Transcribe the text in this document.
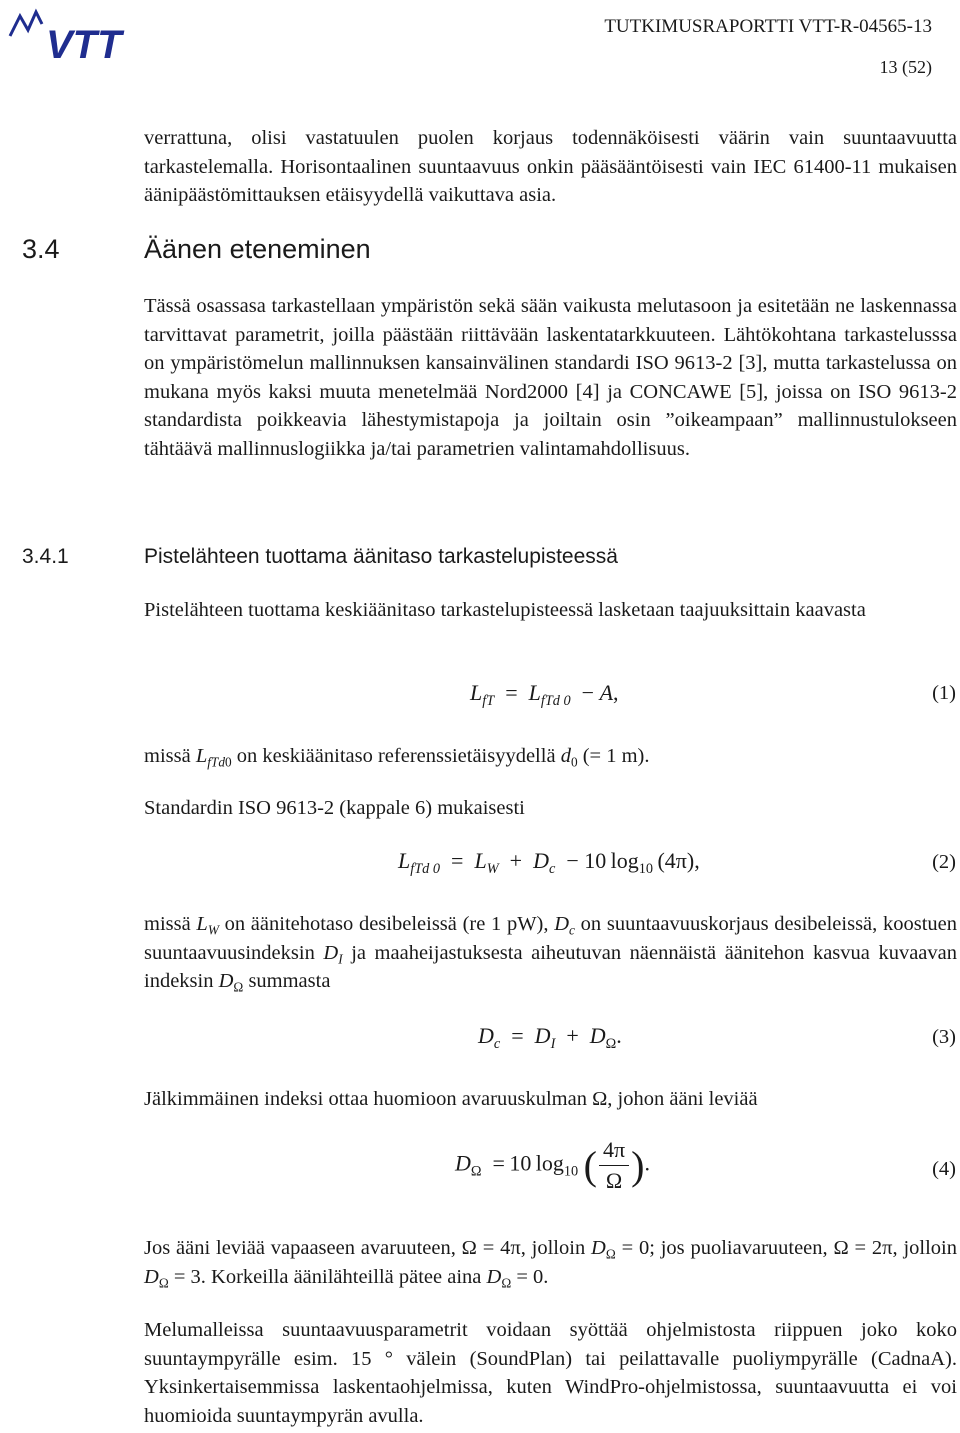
VTT	TUTKIMUSRAPORTTI VTT-R-04565-13
13 (52)

verrattuna, olisi vastatuulen puolen korjaus todennäköisesti väärin vain suuntaavuutta tarkastelemalla. Horisontaalinen suuntaavuus onkin pääsääntöisesti vain IEC 61400-11 mukaisen äänipäästömittauksen etäisyydellä vaikuttava asia.

3.4	Äänen eteneminen

Tässä osassasa tarkastellaan ympäristön sekä sään vaikusta melutasoon ja esitetään ne laskennassa tarvittavat parametrit, joilla päästään riittävään laskentatarkkuuteen. Lähtökohtana tarkastelusssa on ympäristömelun mallinnuksen kansainvälinen standardi ISO 9613-2 [3], mutta tarkastelussa on mukana myös kaksi muuta menetelmää Nord2000 [4] ja CONCAWE [5], joissa on ISO 9613-2 standardista poikkeavia lähestymistapoja ja joiltain osin ”oikeampaan” mallinnustulokseen tähtäävä mallinnuslogiikka ja/tai parametrien valintamahdollisuus.

3.4.1	Pistelähteen tuottama äänitaso tarkastelupisteessä

Pistelähteen tuottama keskiäänitaso tarkastelupisteessä lasketaan taajuuksittain kaavasta

$L_{fT} = L_{fTd 0} - A$,	(1)

missä $L_{fTd0}$ on keskiäänitaso referenssietäisyydellä $d_0$ (= 1 m).

Standardin ISO 9613-2 (kappale 6) mukaisesti

$L_{fTd 0} = L_W + D_c - 10$  $\log_{10} (4\pi)$,	(2)

missä $L_W$ on äänitehotaso desibeleissä (re 1 pW), $D_c$ on suuntaavuuskorjaus desibeleissä, koostuen suuntaavuusindeksin $D_I$ ja maaheijastuksesta aiheutuvan näennäistä äänitehon kasvua kuvaavan indeksin $D_\Omega$ summasta

$D_c = D_I + D_\Omega$.	(3)

Jälkimmäinen indeksi ottaa huomioon avaruuskulman Ω, johon ääni leviää

$D_\Omega = 10$  $\log_{10}$ ( $\frac{4\pi}{\Omega}$ ).	(4)

Jos ääni leviää vapaaseen avaruuteen, Ω = 4π, jolloin $D_\Omega = 0$; jos puoliavaruuteen, Ω = 2π, jolloin $D_\Omega = 3$. Korkeilla äänilähteillä pätee aina $D_\Omega = 0$.

Melumalleissa suuntaavuusparametrit voidaan syöttää ohjelmistosta riippuen joko koko suuntaympyrälle esim. 15 ° välein (SoundPlan) tai peilattavalle puoliympyrälle (CadnaA). Yksinkertaisemmissa laskentaohjelmissa, kuten WindPro-ohjelmistossa, suuntaavuutta ei voi huomioida suuntaympyrän avulla.
